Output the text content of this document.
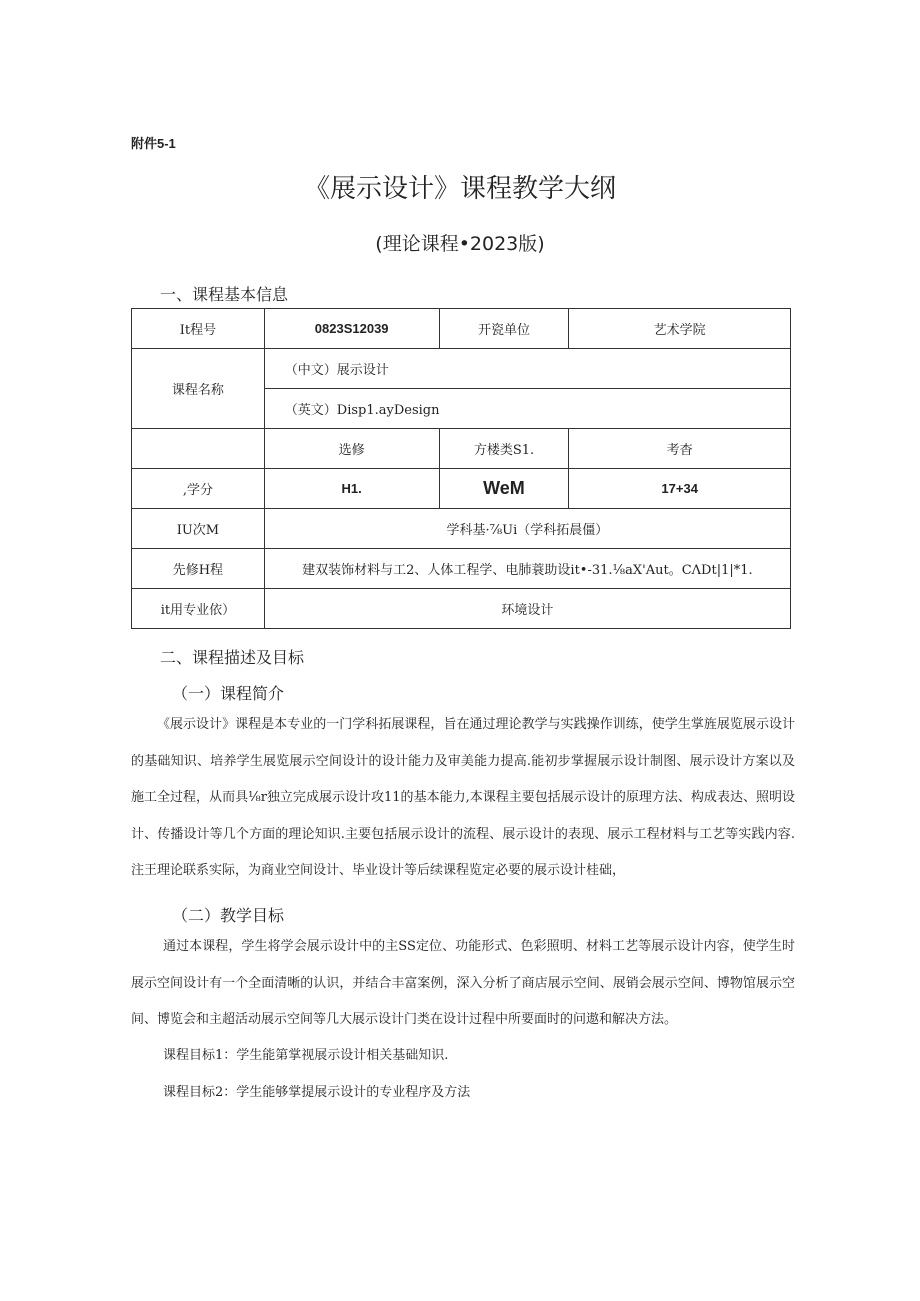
附件5-1
《展示设计》课程教学大纲
(理论课程•2023版)
一、课程基本信息
It程号	0823S12039	开瓷单位	艺术学院
课程名称	（中文）展示设计		
	（英文）Disp1.ayDesign		
	选修	方楼类S1.	考杳
,学分	H1.	WeM	17+34
IU次M	学科基·⅞Ui（学科拓晨僵）		
先修H程	建双装饰材料与工2、人体工程学、电肺蓑助设it•-31.⅛aX'Aut。CΛDt|1|*1.		
it用专业依）	环境设计		
二、课程描述及目标
（一）课程简介
《展示设计》课程是本专业的一门学科拓展课程，旨在通过理论教学与实践操作训练，使学生掌旌展览展示设计的基础知识、培养学生展览展示空间设计的设计能力及审美能力提高.能初步掌握展示设计制图、展示设计方案以及施工全过程，从而具⅛r独立完成展示设计攻11的基本能力,本课程主要包括展示设计的原理方法、构成表达、照明设计、传播设计等几个方面的理论知识.主要包括展示设计的流程、展示设计的表现、展示工程材料与工艺等实践内容.注王理论联系实际，为商业空间设计、毕业设计等后续课程览定必要的展示设计桂础，
（二）教学目标
通过本课程，学生将学会展示设计中的主SS定位、功能形式、色彩照明、材料工艺等展示设计内容，使学生时展示空间设计有一个全面清晰的认识，并结合丰富案例，深入分析了商店展示空间、展销会展示空间、博物馆展示空间、博览会和主超活动展示空间等几大展示设计门类在设计过程中所要面时的问遨和解决方法。
课程目标1：学生能第掌视展示设计相关基础知识.
课程目标2：学生能够掌提展示设计的专业程序及方法
